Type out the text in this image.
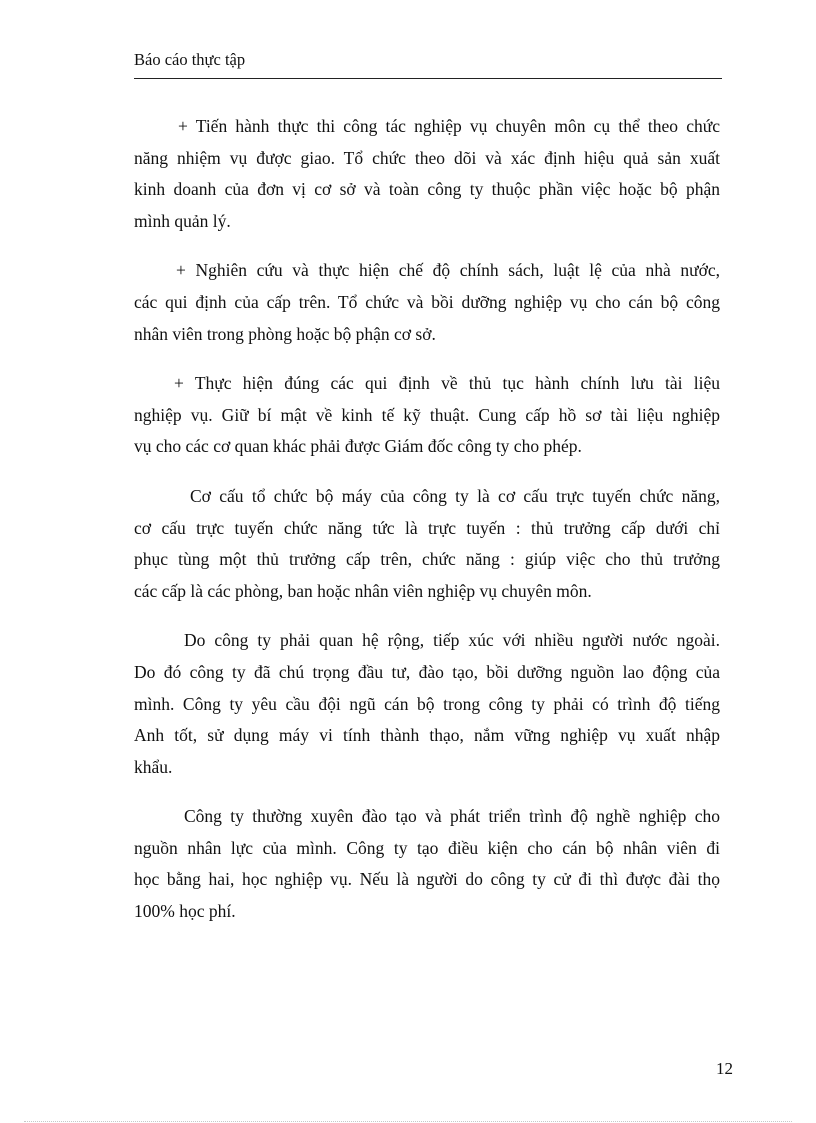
Báo cáo thực tập

+ Tiến hành thực thi công tác nghiệp vụ chuyên môn cụ thể theo chức
năng nhiệm vụ được giao. Tổ chức theo dõi và xác định hiệu quả sản xuất
kinh doanh của đơn vị cơ sở và toàn công ty thuộc phần việc hoặc bộ phận
mình quản lý.

+ Nghiên cứu và thực hiện chế độ chính sách, luật lệ của nhà nước,
các qui định của cấp trên. Tổ chức và bồi dưỡng nghiệp vụ cho cán bộ công
nhân viên trong phòng hoặc bộ phận cơ sở.

+ Thực hiện đúng các qui định về thủ tục hành chính lưu tài liệu
nghiệp vụ. Giữ bí mật về kinh tế kỹ thuật. Cung cấp hồ sơ tài liệu nghiệp
vụ cho các cơ quan khác phải được Giám đốc công ty cho phép.

Cơ cấu tổ chức bộ máy của công ty là cơ cấu trực tuyến chức năng,
cơ cấu trực tuyến chức năng tức là trực tuyến : thủ trưởng cấp dưới chỉ
phục tùng một thủ trưởng cấp trên, chức năng : giúp việc cho thủ trưởng
các cấp là các phòng, ban hoặc nhân viên nghiệp vụ chuyên môn.

Do công ty phải quan hệ rộng, tiếp xúc với nhiều người nước ngoài.
Do đó công ty đã chú trọng đầu tư, đào tạo, bồi dưỡng nguồn lao động của
mình. Công ty yêu cầu đội ngũ cán bộ trong công ty phải có trình độ tiếng
Anh tốt, sử dụng máy vi tính thành thạo, nắm vững nghiệp vụ xuất nhập
khẩu.

Công ty thường xuyên đào tạo và phát triển trình độ nghề nghiệp cho
nguồn nhân lực của mình. Công ty tạo điều kiện cho cán bộ nhân viên đi
học bằng hai, học nghiệp vụ. Nếu là người do công ty cử đi thì được đài thọ
100% học phí.

12
